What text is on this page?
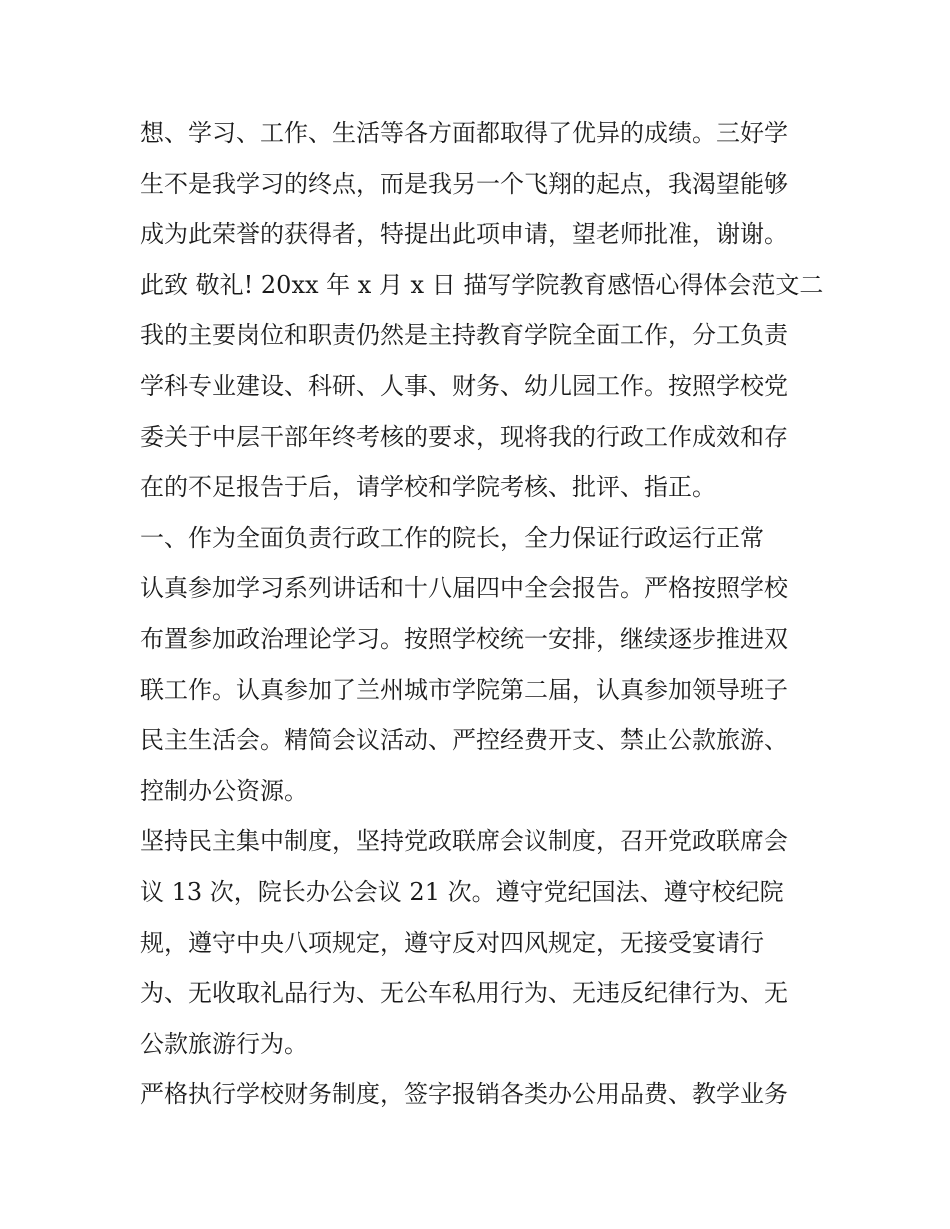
想、学习、工作、生活等各方面都取得了优异的成绩。三好学
生不是我学习的终点，而是我另一个飞翔的起点，我渴望能够
成为此荣誉的获得者，特提出此项申请，望老师批准，谢谢。
此致 敬礼! 20xx 年 x 月 x 日 描写学院教育感悟心得体会范文二
我的主要岗位和职责仍然是主持教育学院全面工作，分工负责
学科专业建设、科研、人事、财务、幼儿园工作。按照学校党
委关于中层干部年终考核的要求，现将我的行政工作成效和存
在的不足报告于后，请学校和学院考核、批评、指正。
一、作为全面负责行政工作的院长，全力保证行政运行正常
认真参加学习系列讲话和十八届四中全会报告。严格按照学校
布置参加政治理论学习。按照学校统一安排，继续逐步推进双
联工作。认真参加了兰州城市学院第二届，认真参加领导班子
民主生活会。精简会议活动、严控经费开支、禁止公款旅游、
控制办公资源。
坚持民主集中制度，坚持党政联席会议制度，召开党政联席会
议 13 次，院长办公会议 21 次。遵守党纪国法、遵守校纪院
规，遵守中央八项规定，遵守反对四风规定，无接受宴请行
为、无收取礼品行为、无公车私用行为、无违反纪律行为、无
公款旅游行为。
严格执行学校财务制度，签字报销各类办公用品费、教学业务
